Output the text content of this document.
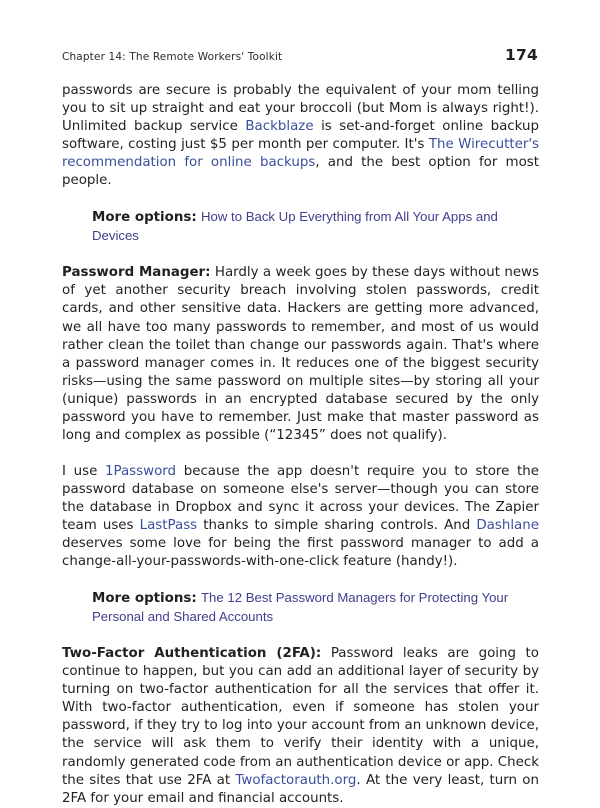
Chapter 14: The Remote Workers' Toolkit	174

passwords are secure is probably the equivalent of your mom telling you to sit up straight and eat your broccoli (but Mom is always right!). Unlimited backup service Backblaze is set-and-forget online backup software, costing just $5 per month per computer. It's The Wirecutter's recommendation for online backups, and the best option for most people.

More options: How to Back Up Everything from All Your Apps and Devices

Password Manager: Hardly a week goes by these days without news of yet another security breach involving stolen passwords, credit cards, and other sensitive data. Hackers are getting more advanced, we all have too many passwords to remember, and most of us would rather clean the toilet than change our passwords again. That's where a password manager comes in. It reduces one of the biggest security risks—using the same password on multiple sites—by storing all your (unique) passwords in an encrypted database secured by the only password you have to remember. Just make that master password as long and complex as possible (“12345” does not qualify).

I use 1Password because the app doesn't require you to store the password database on someone else's server—though you can store the database in Dropbox and sync it across your devices. The Zapier team uses LastPass thanks to simple sharing controls. And Dashlane deserves some love for being the first password manager to add a change-all-your-passwords-with-one-click feature (handy!).

More options: The 12 Best Password Managers for Protecting Your Personal and Shared Accounts

Two-Factor Authentication (2FA): Password leaks are going to continue to happen, but you can add an additional layer of security by turning on two-factor authentication for all the services that offer it. With two-factor authentication, even if someone has stolen your password, if they try to log into your account from an unknown device, the service will ask them to verify their identity with a unique, randomly generated code from an authentication device or app. Check the sites that use 2FA at Twofactorauth.org. At the very least, turn on 2FA for your email and financial accounts.
